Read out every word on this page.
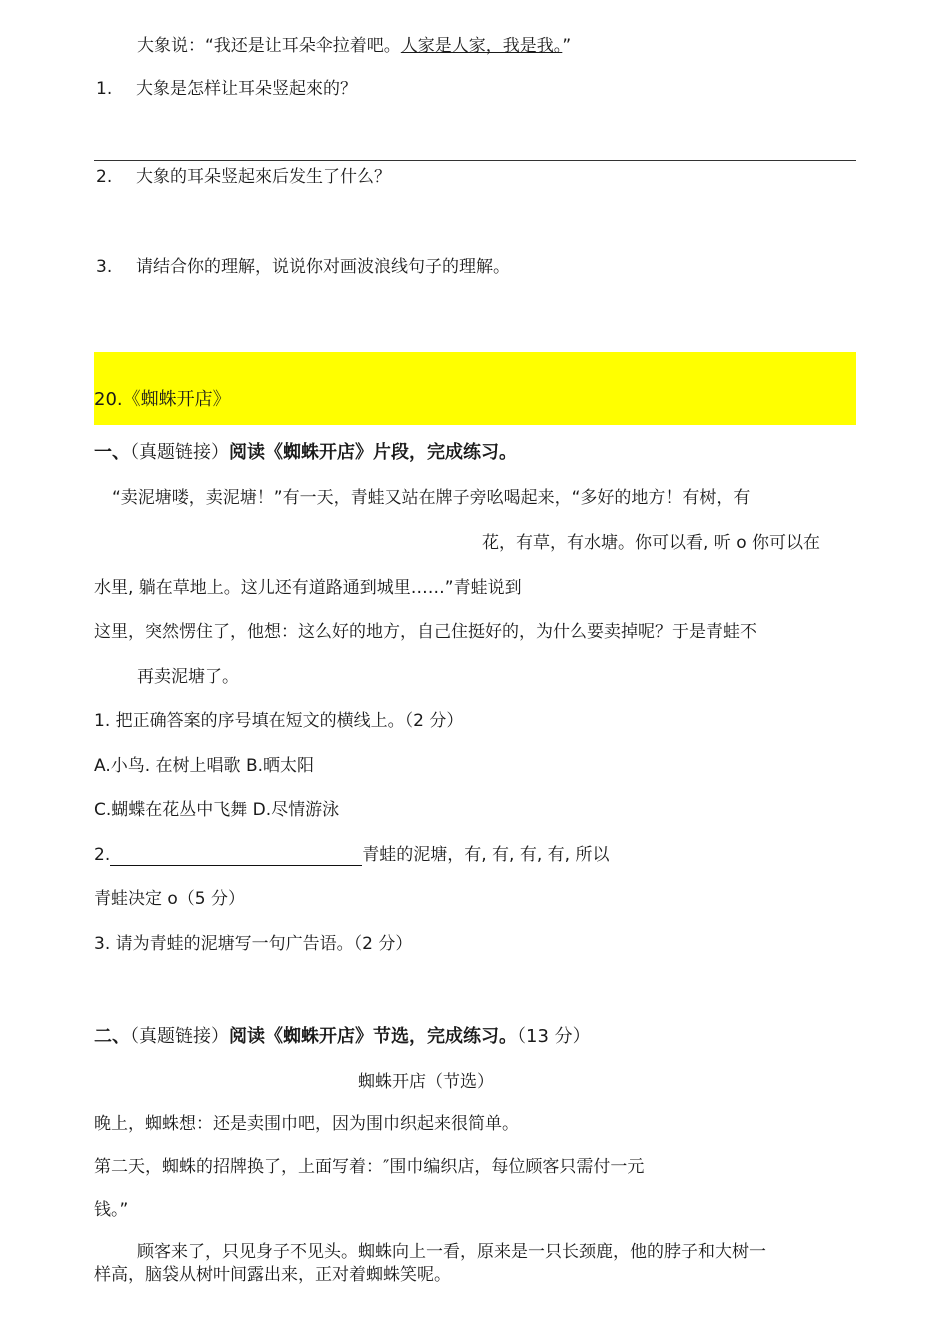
大象说：“我还是让耳朵伞拉着吧。人家是人家，我是我。”
1. 大象是怎样让耳朵竖起來的？
2. 大象的耳朵竖起來后发生了什么？
3. 请结合你的理解，说说你对画波浪线句子的理解。
20.《蜘蛛开店》
一、（真题链接）阅读《蜘蛛开店》片段，完成练习。
“卖泥塘喽，卖泥塘！”有一天，青蛙又站在牌子旁吆喝起来，“多好的地方！有树，有
花，有草，有水塘。你可以看, 听 o 你可以在
水里, 躺在草地上。这儿还有道路通到城里……”青蛙说到
这里，突然愣住了，他想：这么好的地方，自己住挺好的，为什么要卖掉呢？于是青蛙不
再卖泥塘了。
1. 把正确答案的序号填在短文的横线上。（2 分）
A.小鸟. 在树上唱歌 B.晒太阳
C.蝴蝶在花丛中飞舞 D.尽情游泳
2.	青蛙的泥塘，有, 有, 有, 有, 所以
青蛙决定 o（5 分）
3. 请为青蛙的泥塘写一句广告语。（2 分）
二、（真题链接）阅读《蜘蛛开店》节选，完成练习。（13 分）
蜘蛛开店（节选）
晚上，蜘蛛想：还是卖围巾吧，因为围巾织起来很简单。
第二天，蜘蛛的招牌换了，上面写着：″围巾编织店，每位顾客只需付一元
钱。”
顾客来了，只见身子不见头。蜘蛛向上一看，原来是一只长颈鹿，他的脖子和大树一
样高，脑袋从树叶间露出来，正对着蜘蛛笑呢。
